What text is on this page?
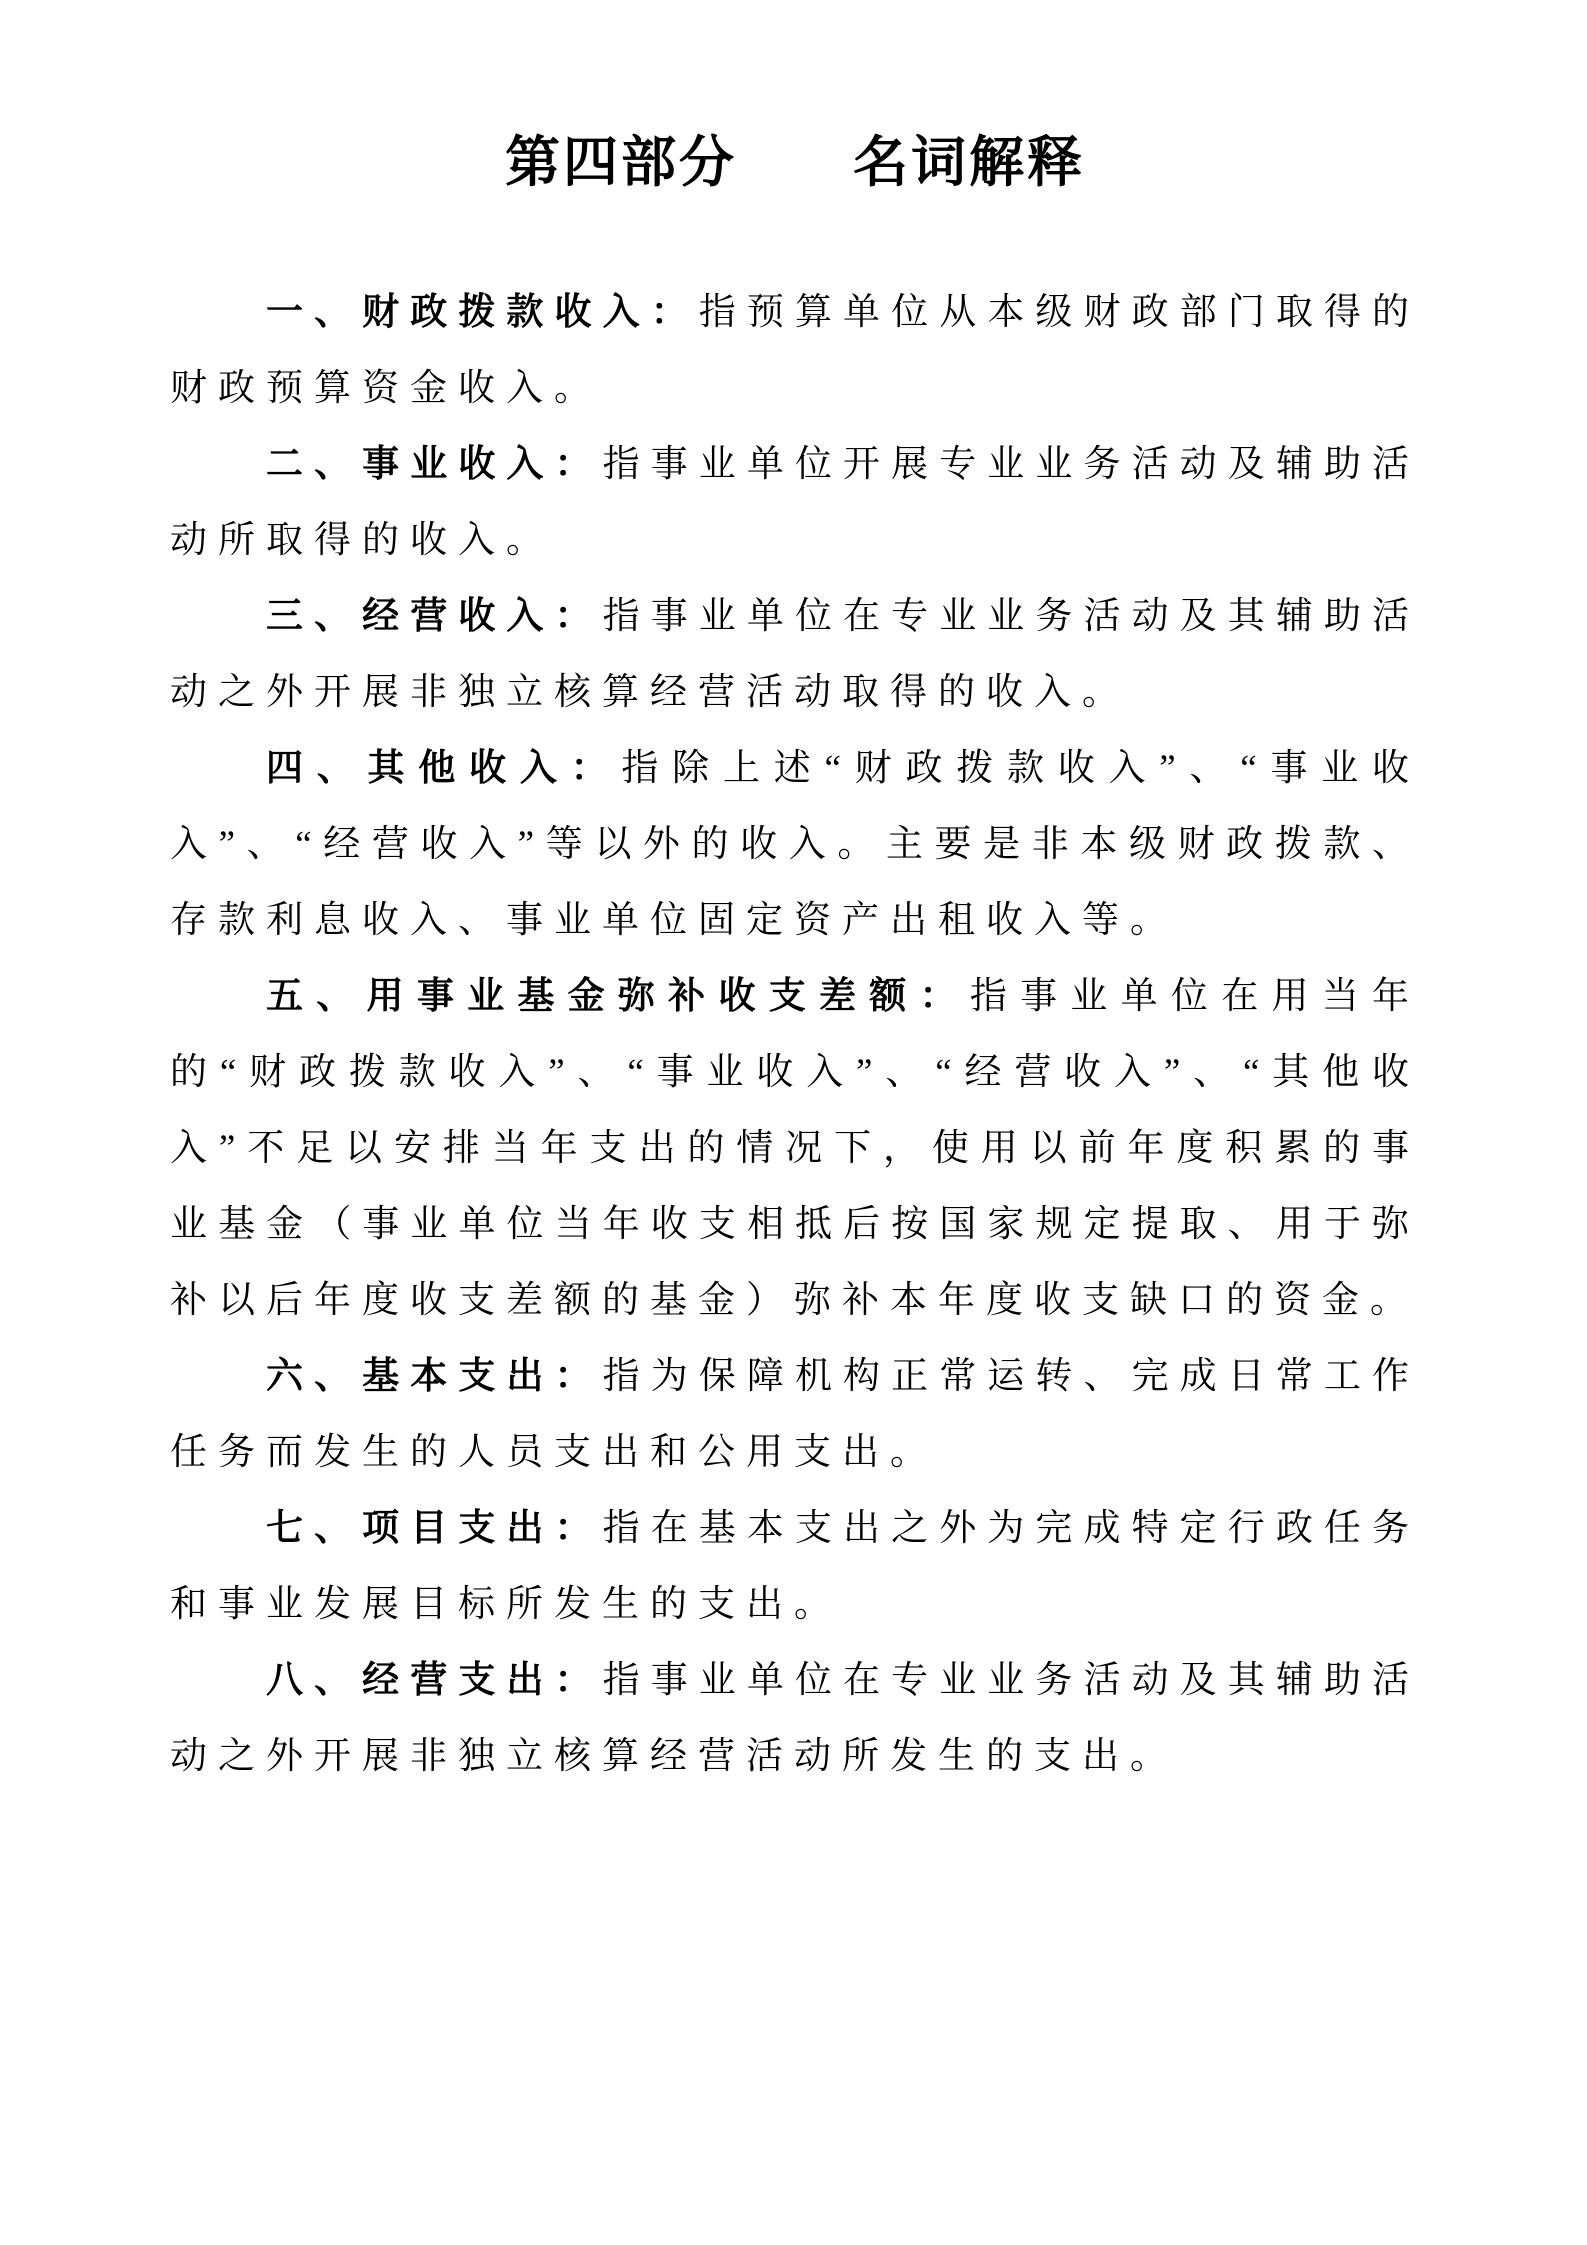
第四部分　　名词解释

一、财政拨款收入：指预算单位从本级财政部门取得的财政预算资金收入。

二、事业收入：指事业单位开展专业业务活动及辅助活动所取得的收入。

三、经营收入：指事业单位在专业业务活动及其辅助活动之外开展非独立核算经营活动取得的收入。

四、其他收入：指除上述“财政拨款收入”、“事业收入”、“经营收入”等以外的收入。主要是非本级财政拨款、存款利息收入、事业单位固定资产出租收入等。

五、用事业基金弥补收支差额：指事业单位在用当年的“财政拨款收入”、“事业收入”、“经营收入”、“其他收入”不足以安排当年支出的情况下，使用以前年度积累的事业基金（事业单位当年收支相抵后按国家规定提取、用于弥补以后年度收支差额的基金）弥补本年度收支缺口的资金。

六、基本支出：指为保障机构正常运转、完成日常工作任务而发生的人员支出和公用支出。

七、项目支出：指在基本支出之外为完成特定行政任务和事业发展目标所发生的支出。

八、经营支出：指事业单位在专业业务活动及其辅助活动之外开展非独立核算经营活动所发生的支出。
